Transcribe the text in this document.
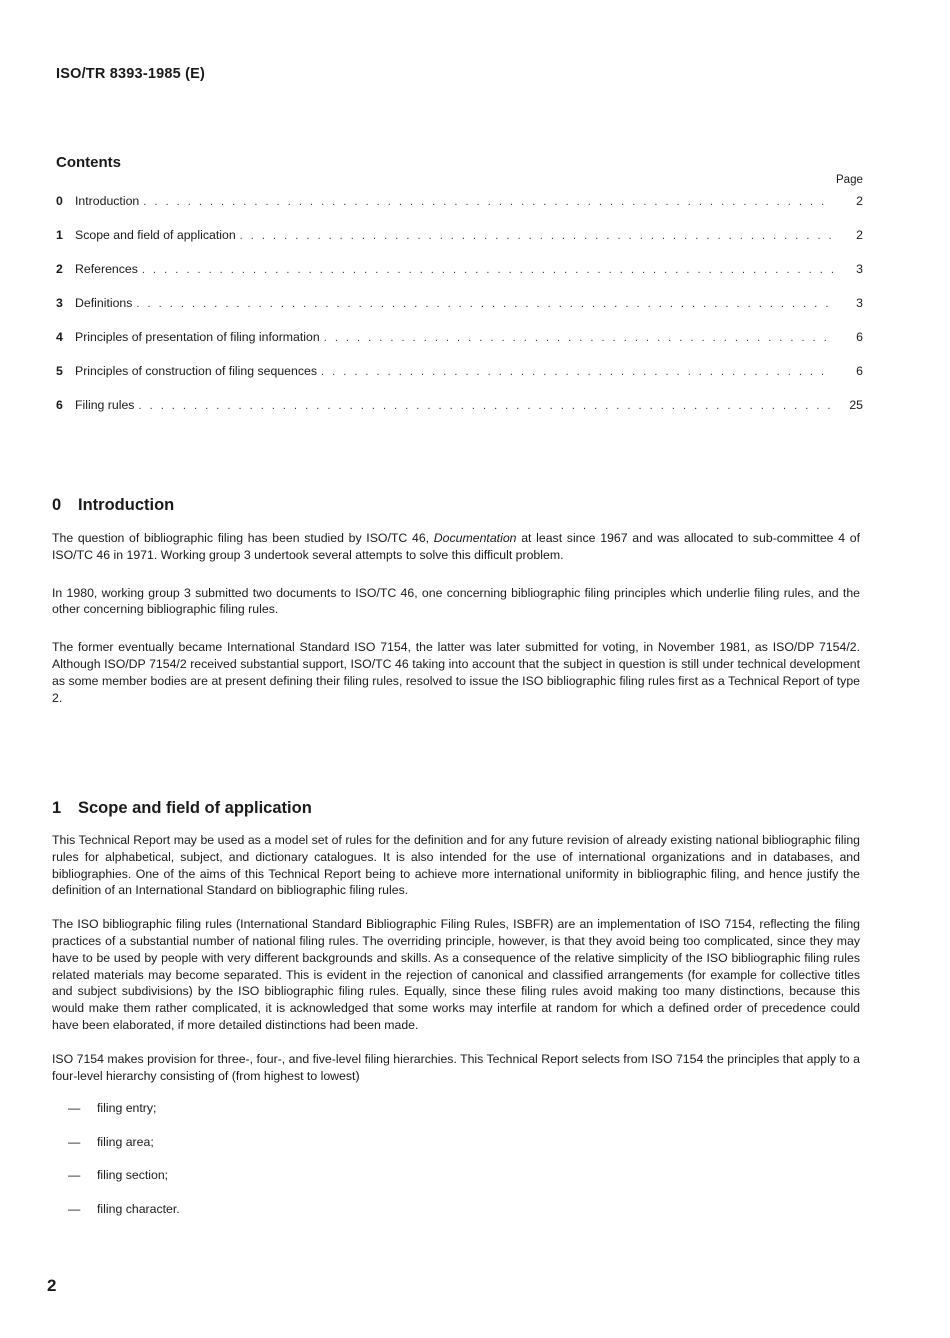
ISO/TR 8393-1985 (E)
Contents
Page
0 Introduction . . .	2
1 Scope and field of application . . .	2
2 References . . .	3
3 Definitions . . .	3
4 Principles of presentation of filing information . . .	6
5 Principles of construction of filing sequences . . .	6
6 Filing rules . . .	25
0	Introduction

The question of bibliographic filing has been studied by ISO/TC 46, Documentation at least since 1967 and was allocated to sub-committee 4 of ISO/TC 46 in 1971. Working group 3 undertook several attempts to solve this difficult problem.

In 1980, working group 3 submitted two documents to ISO/TC 46, one concerning bibliographic filing principles which underlie filing rules, and the other concerning bibliographic filing rules.

The former eventually became International Standard ISO 7154, the latter was later submitted for voting, in November 1981, as ISO/DP 7154/2. Although ISO/DP 7154/2 received substantial support, ISO/TC 46 taking into account that the subject in question is still under technical development as some member bodies are at present defining their filing rules, resolved to issue the ISO bibliographic filing rules first as a Technical Report of type 2.

1	Scope and field of application

This Technical Report may be used as a model set of rules for the definition and for any future revision of already existing national bibliographic filing rules for alphabetical, subject, and dictionary catalogues. It is also intended for the use of international organizations and in databases, and bibliographies. One of the aims of this Technical Report being to achieve more international uniformity in bibliographic filing, and hence justify the definition of an International Standard on bibliographic filing rules.

The ISO bibliographic filing rules (International Standard Bibliographic Filing Rules, ISBFR) are an implementation of ISO 7154, reflecting the filing practices of a substantial number of national filing rules. The overriding principle, however, is that they avoid being too complicated, since they may have to be used by people with very different backgrounds and skills. As a consequence of the relative simplicity of the ISO bibliographic filing rules related materials may become separated. This is evident in the rejection of canonical and classified arrangements (for example for collective titles and subject subdivisions) by the ISO bibliographic filing rules. Equally, since these filing rules avoid making too many distinctions, because this would make them rather complicated, it is acknowledged that some works may interfile at random for which a defined order of precedence could have been elaborated, if more detailed distinctions had been made.

ISO 7154 makes provision for three-, four-, and five-level filing hierarchies. This Technical Report selects from ISO 7154 the principles that apply to a four-level hierarchy consisting of (from highest to lowest)

—	filing entry;
—	filing area;
—	filing section;
—	filing character.
2
